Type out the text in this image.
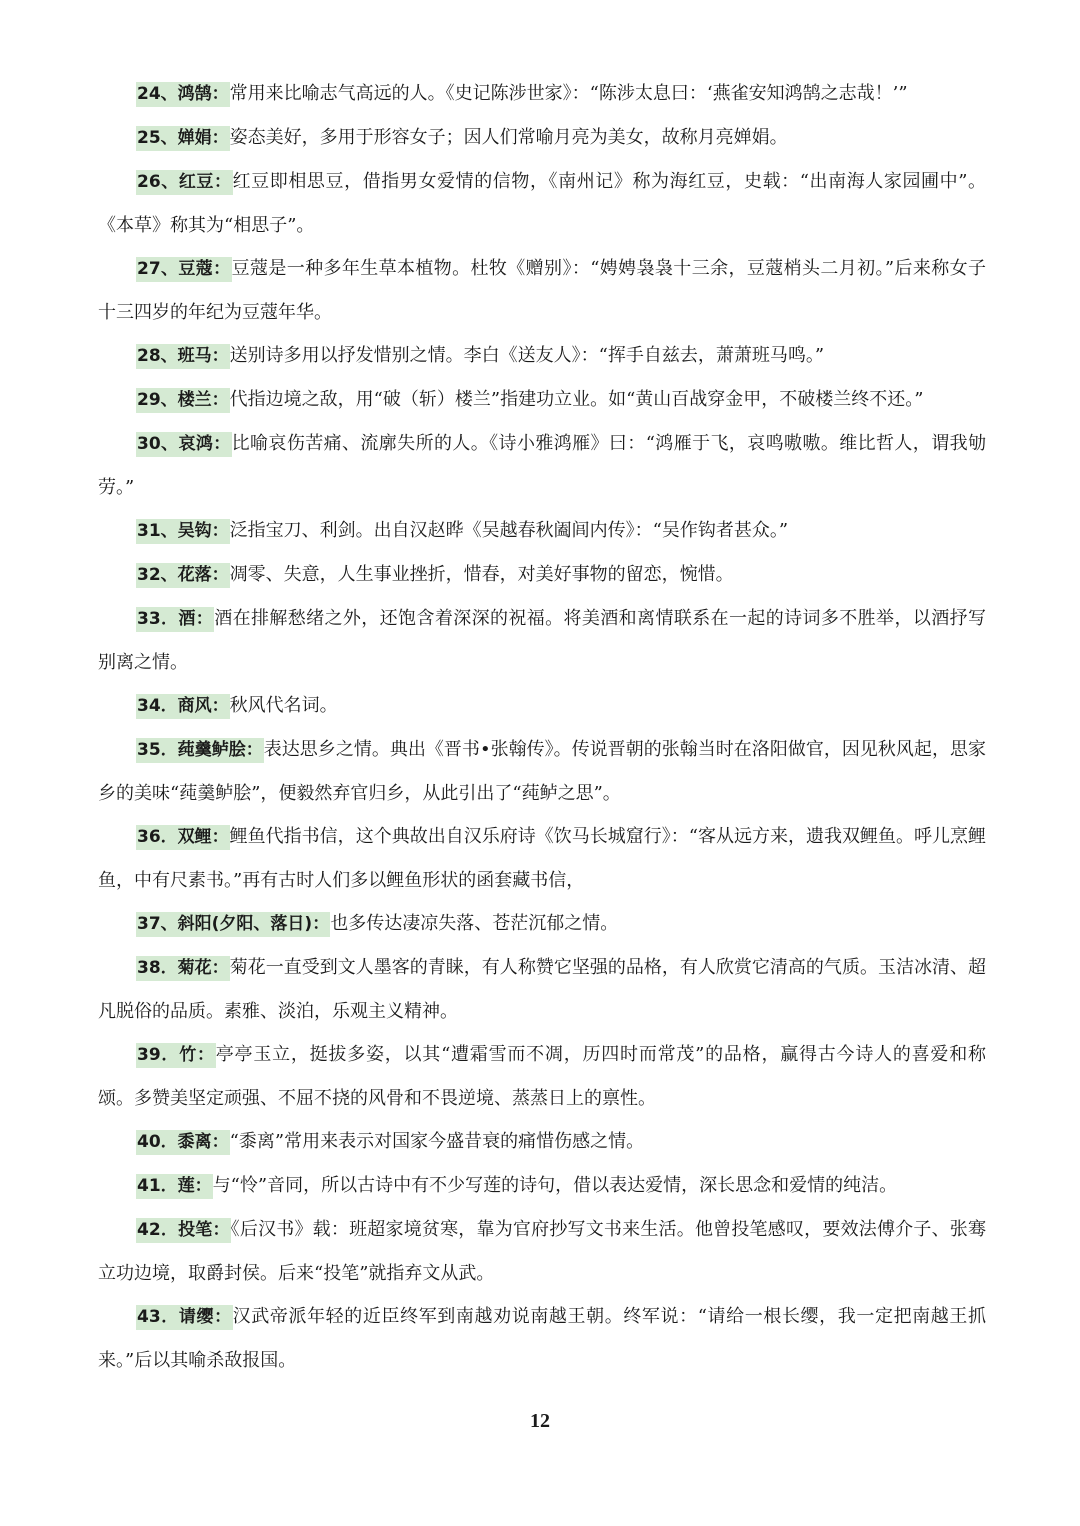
24、鸿鹄：常用来比喻志气高远的人。《史记陈涉世家》：“陈涉太息曰：‘燕雀安知鸿鹄之志哉！’”

25、婵娟：姿态美好，多用于形容女子；因人们常喻月亮为美女，故称月亮婵娟。

26、红豆：红豆即相思豆，借指男女爱情的信物，《南州记》称为海红豆，史载：“出南海人家园圃中”。《本草》称其为“相思子”。

27、豆蔻：豆蔻是一种多年生草本植物。杜牧《赠别》：“娉娉袅袅十三余，豆蔻梢头二月初。”后来称女子十三四岁的年纪为豆蔻年华。

28、班马：送别诗多用以抒发惜别之情。李白《送友人》：“挥手自兹去，萧萧班马鸣。”

29、楼兰：代指边境之敌，用“破（斩）楼兰”指建功立业。如“黄山百战穿金甲，不破楼兰终不还。”

30、哀鸿：比喻哀伤苦痛、流廓失所的人。《诗小雅鸿雁》曰：“鸿雁于飞，哀鸣嗷嗷。维比哲人，谓我劬劳。”

31、吴钩：泛指宝刀、利剑。出自汉赵晔《吴越春秋阖闾内传》：“吴作钩者甚众。”

32、花落：凋零、失意，人生事业挫折，惜春，对美好事物的留恋，惋惜。

33．酒：酒在排解愁绪之外，还饱含着深深的祝福。将美酒和离情联系在一起的诗词多不胜举，以酒抒写别离之情。

34．商风：秋风代名词。

35．莼羹鲈脍：表达思乡之情。典出《晋书•张翰传》。传说晋朝的张翰当时在洛阳做官，因见秋风起，思家乡的美味“莼羹鲈脍”，便毅然弃官归乡，从此引出了“莼鲈之思”。

36．双鲤：鲤鱼代指书信，这个典故出自汉乐府诗《饮马长城窟行》：“客从远方来，遗我双鲤鱼。呼儿烹鲤鱼，中有尺素书。”再有古时人们多以鲤鱼形状的函套藏书信，

37、斜阳(夕阳、落日)：也多传达凄凉失落、苍茫沉郁之情。

38．菊花：菊花一直受到文人墨客的青睐，有人称赞它坚强的品格，有人欣赏它清高的气质。玉洁冰清、超凡脱俗的品质。素雅、淡泊，乐观主义精神。

39．竹：亭亭玉立，挺拔多姿，以其“遭霜雪而不凋，历四时而常茂”的品格，赢得古今诗人的喜爱和称颂。多赞美坚定顽强、不屈不挠的风骨和不畏逆境、蒸蒸日上的禀性。

40．黍离：“黍离”常用来表示对国家今盛昔衰的痛惜伤感之情。

41．莲：与“怜”音同，所以古诗中有不少写莲的诗句，借以表达爱情，深长思念和爱情的纯洁。

42．投笔：《后汉书》载：班超家境贫寒，靠为官府抄写文书来生活。他曾投笔感叹，要效法傅介子、张骞立功边境，取爵封侯。后来“投笔”就指弃文从武。

43．请缨：汉武帝派年轻的近臣终军到南越劝说南越王朝。终军说：“请给一根长缨，我一定把南越王抓来。”后以其喻杀敌报国。

12
